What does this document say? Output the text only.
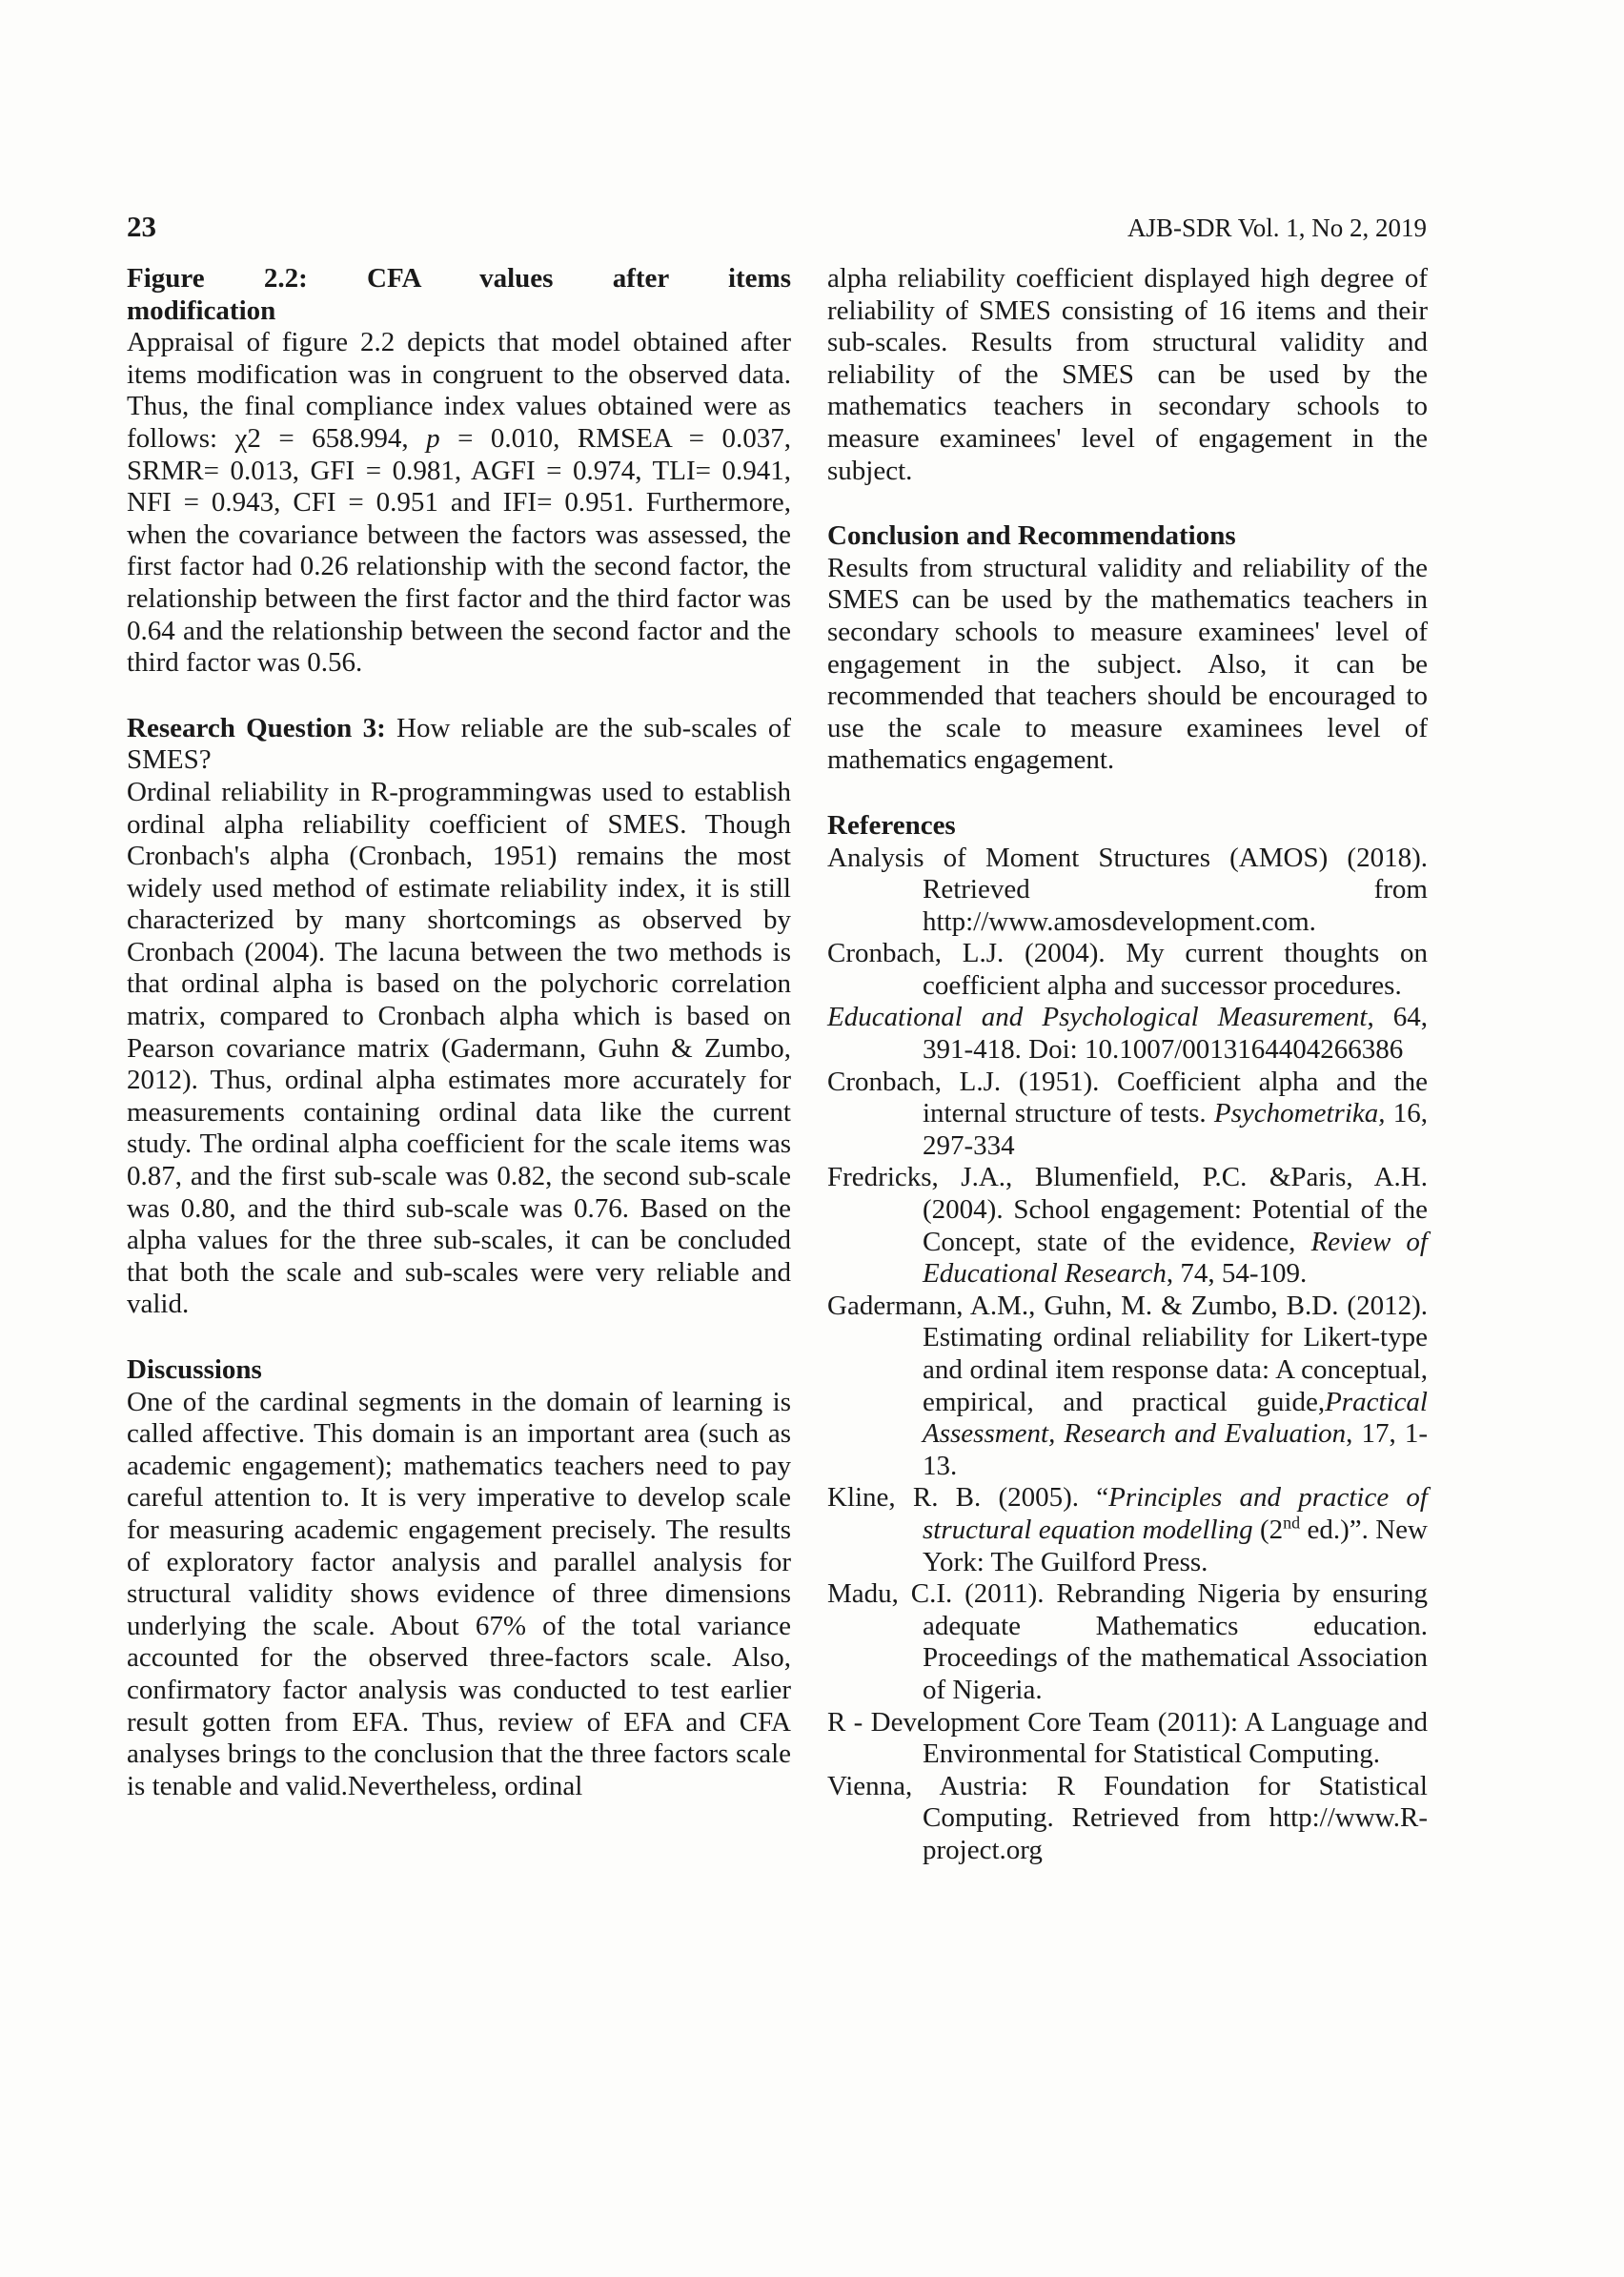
23	AJB-SDR Vol. 1, No 2, 2019

Figure 2.2: CFA values after items

modification

Appraisal of figure 2.2 depicts that model obtained after items modification was in congruent to the observed data. Thus, the final compliance index values obtained were as follows: χ2 = 658.994, p = 0.010, RMSEA = 0.037, SRMR= 0.013, GFI = 0.981, AGFI = 0.974, TLI= 0.941, NFI = 0.943, CFI = 0.951 and IFI= 0.951. Furthermore, when the covariance between the factors was assessed, the first factor had 0.26 relationship with the second factor, the relationship between the first factor and the third factor was 0.64 and the relationship between the second factor and the third factor was 0.56.

Research Question 3: How reliable are the sub-scales of SMES?

Ordinal reliability in R-programmingwas used to establish ordinal alpha reliability coefficient of SMES. Though Cronbach's alpha (Cronbach, 1951) remains the most widely used method of estimate reliability index, it is still characterized by many shortcomings as observed by Cronbach (2004). The lacuna between the two methods is that ordinal alpha is based on the polychoric correlation matrix, compared to Cronbach alpha which is based on Pearson covariance matrix (Gadermann, Guhn & Zumbo, 2012). Thus, ordinal alpha estimates more accurately for measurements containing ordinal data like the current study. The ordinal alpha coefficient for the scale items was 0.87, and the first sub-scale was 0.82, the second sub-scale was 0.80, and the third sub-scale was 0.76. Based on the alpha values for the three sub-scales, it can be concluded that both the scale and sub-scales were very reliable and valid.

Discussions

One of the cardinal segments in the domain of learning is called affective. This domain is an important area (such as academic engagement); mathematics teachers need to pay careful attention to. It is very imperative to develop scale for measuring academic engagement precisely. The results of exploratory factor analysis and parallel analysis for structural validity shows evidence of three dimensions underlying the scale. About 67% of the total variance accounted for the observed three-factors scale. Also, confirmatory factor analysis was conducted to test earlier result gotten from EFA. Thus, review of EFA and CFA analyses brings to the conclusion that the three factors scale is tenable and valid.Nevertheless, ordinal

alpha reliability coefficient displayed high degree of reliability of SMES consisting of 16 items and their sub-scales. Results from structural validity and reliability of the SMES can be used by the mathematics teachers in secondary schools to measure examinees' level of engagement in the subject.

Conclusion and Recommendations

Results from structural validity and reliability of the SMES can be used by the mathematics teachers in secondary schools to measure examinees' level of engagement in the subject. Also, it can be recommended that teachers should be encouraged to use the scale to measure examinees level of mathematics engagement.

References

Analysis of Moment Structures (AMOS) (2018). Retrieved from http://www.amosdevelopment.com.

Cronbach, L.J. (2004). My current thoughts on coefficient alpha and successor procedures.

Educational and Psychological Measurement, 64, 391-418. Doi: 10.1007/0013164404266386

Cronbach, L.J. (1951). Coefficient alpha and the internal structure of tests. Psychometrika, 16, 297-334

Fredricks, J.A., Blumenfield, P.C. &Paris, A.H. (2004). School engagement: Potential of the Concept, state of the evidence, Review of Educational Research, 74, 54-109.

Gadermann, A.M., Guhn, M. & Zumbo, B.D. (2012). Estimating ordinal reliability for Likert-type and ordinal item response data: A conceptual, empirical, and practical guide,Practical Assessment, Research and Evaluation, 17, 1-13.

Kline, R. B. (2005). “Principles and practice of structural equation modelling (2nd ed.)”. New York: The Guilford Press.

Madu, C.I. (2011). Rebranding Nigeria by ensuring adequate Mathematics education. Proceedings of the mathematical Association of Nigeria.

R - Development Core Team (2011): A Language and Environmental for Statistical Computing.

Vienna, Austria: R Foundation for Statistical Computing. Retrieved from http://www.R-project.org
